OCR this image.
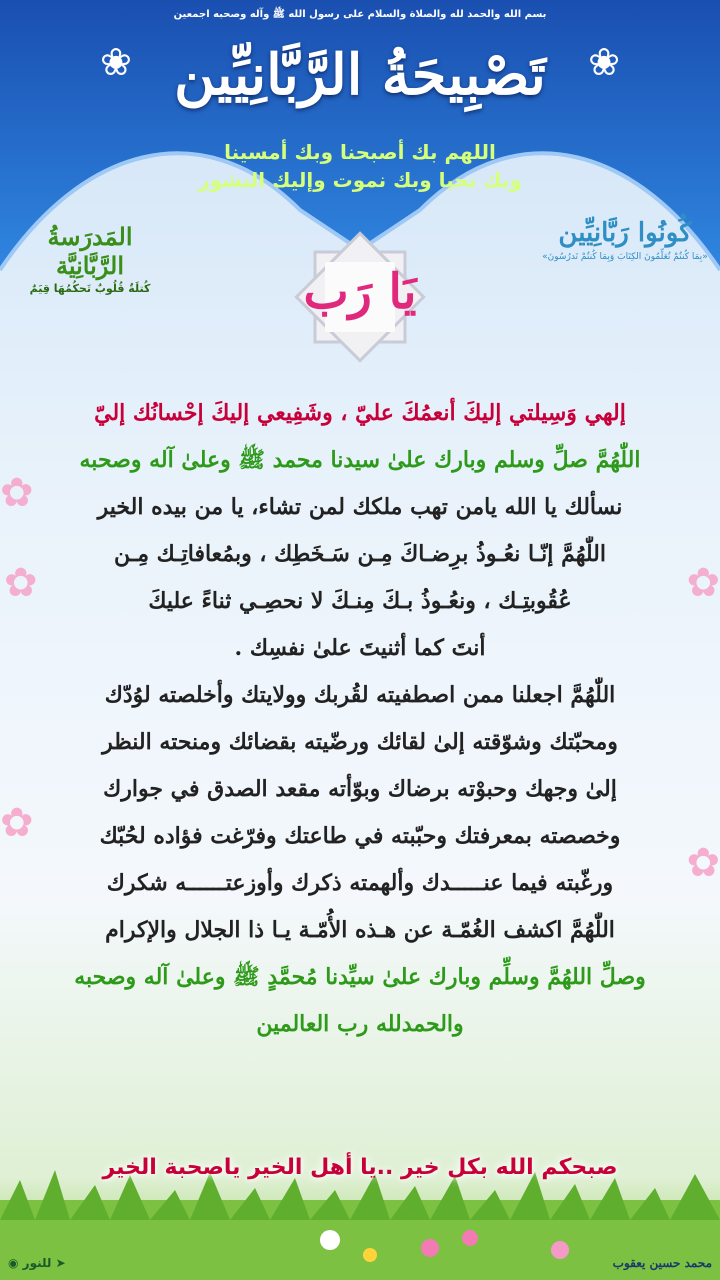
بسم الله والحمد لله والصلاة والسلام على رسول الله ﷺ وآله وصحبه اجمعين
❀	❀
تَصْبِيحَةُ الرَّبَّانِيِّين
اللهم بك أصبحنا وبك أمسينا
وبك نحيا وبك نموت وإليك النشور
المَدرَسةُ الرَّبَّانِيَّة
كُتلَةٌ قُلُوبٌ تَحكُمُهَا قِيَمٌ
كُونُوا رَبَّانِيِّين
«بِمَا كُنتُمْ تُعَلِّمُونَ الكِتَابَ وَبِمَا كُنتُمْ تَدرُسُونَ»
يَا رَب
✿
✿
✿
✿
✿
إلهي وَسِيلتي إليكَ أنعمُكَ عليّ ، وشَفِيعي إليكَ إحْسانُك إليّ
اللّٰهُمَّ صلِّ وسلم وبارك علىٰ سيدنا محمد ﷺ وعلىٰ آله وصحبه
نسألك يا الله يامن تهب ملكك لمن تشاء، يا من بيده الخير
اللّٰهُمَّ إنّـا نعُـوذُ برِضـاكَ مِـن سَـخَطِك ، وبمُعافاتِـك مِـن
عُقُوبتِـك ، ونعُـوذُ بـكَ مِنـكَ لا نحصِـي ثناءً عليكَ
أنتَ كما أثنيتَ علىٰ نفسِك .
اللّٰهُمَّ اجعلنا ممن اصطفيته لقُربك وولايتك وأخلصته لوُدّك
ومحبّتك وشوّقته إلىٰ لقائك ورضّيته بقضائك ومنحته النظر
إلىٰ وجهك وحبوْته برضاك وبوّأته مقعد الصدق في جوارك
وخصصته بمعرفتك وحبّبته في طاعتك وفرّغت فؤاده لحُبّك
ورغّبته فيما عنـــــدك وألهمته ذكرك وأوزعتــــــه شكرك
اللّٰهُمَّ اكشف الغُمّـة عن هـذه الأُمّـة يـا ذا الجلال والإكرام
وصلِّ اللهُمَّ وسلِّم وبارك علىٰ سيِّدنا مُحمَّدٍ ﷺ وعلىٰ آله وصحبه
والحمدلله رب العالمين
صبحكم الله بكل خير ..يا أهل الخير ياصحبة الخير
محمد حسين يعقوب
◉ للنور ➤
